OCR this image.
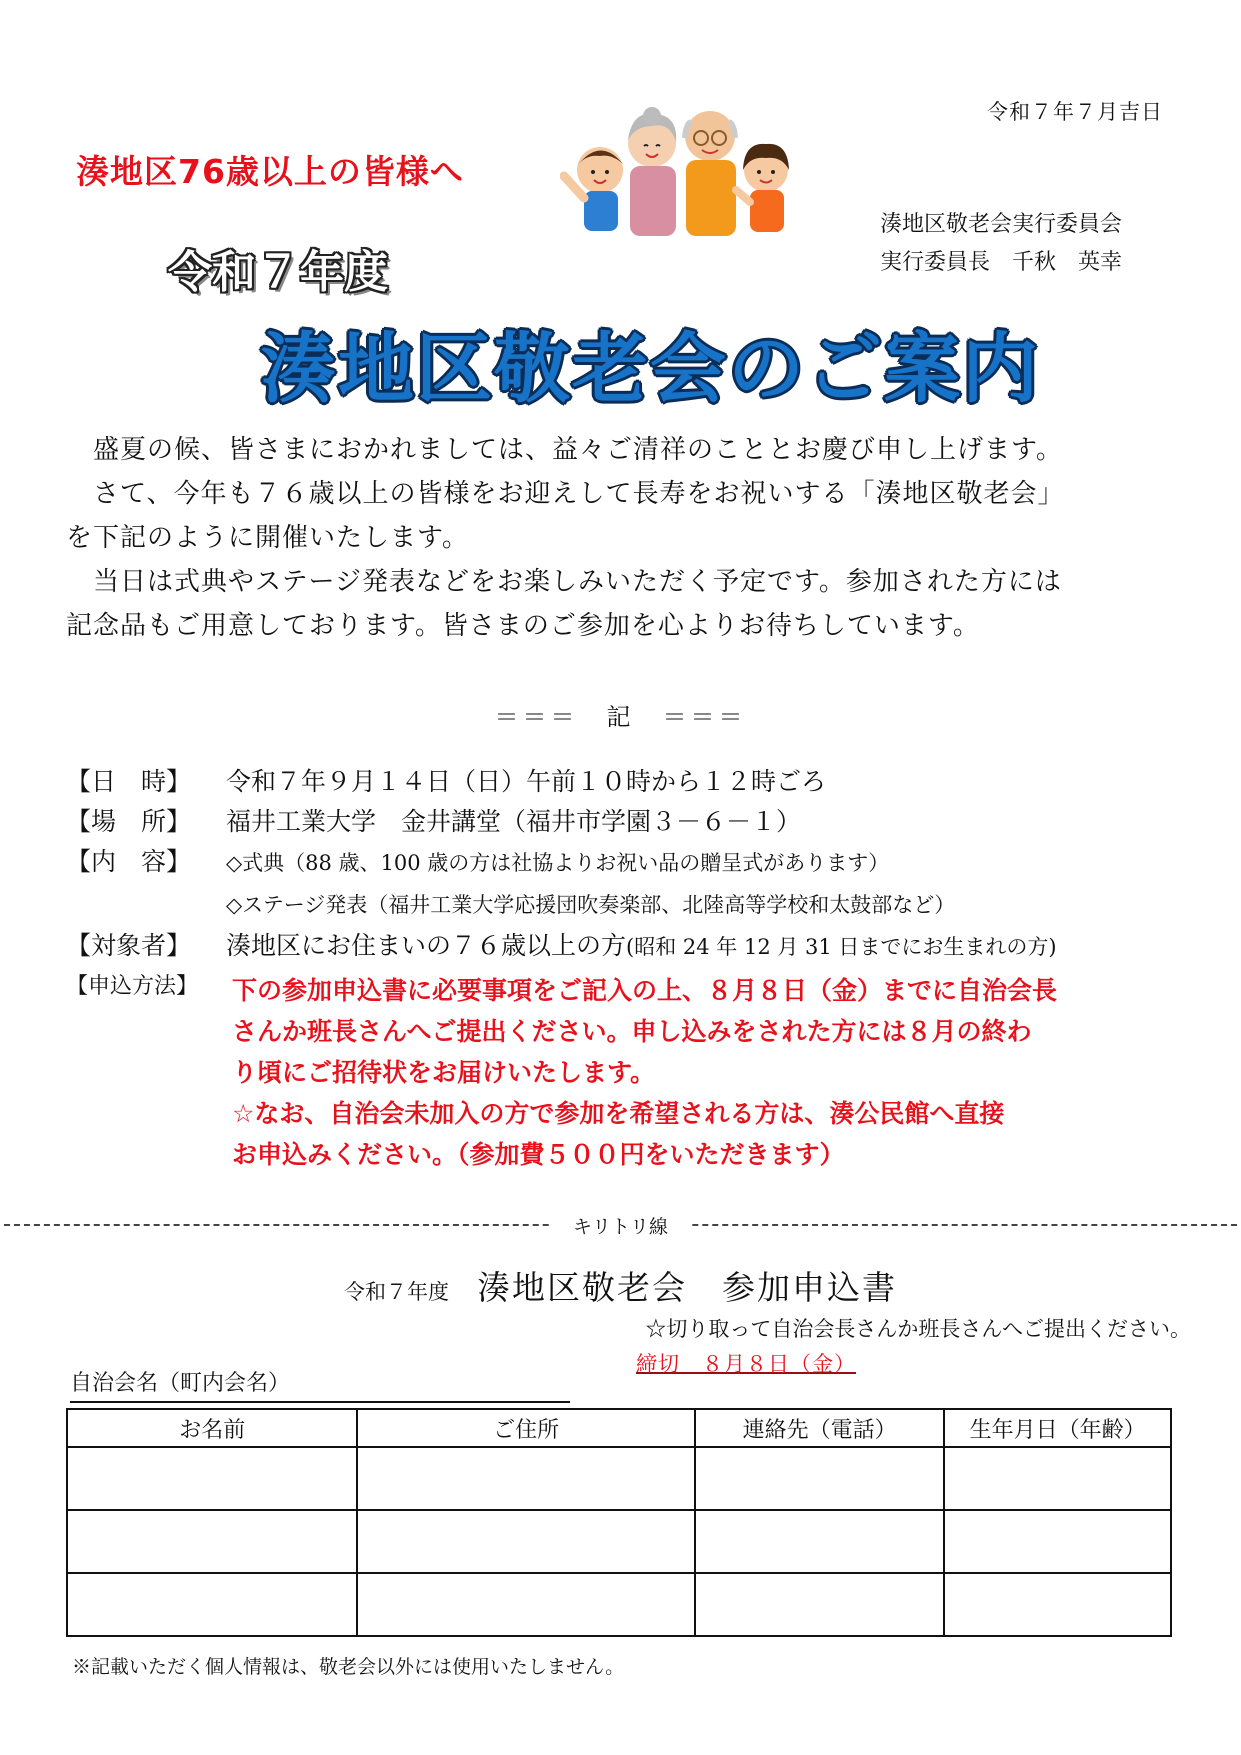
令和７年７月吉日
湊地区76歳以上の皆様へ
湊地区敬老会実行委員会
実行委員長　千秋　英幸
令和７年度
湊地区敬老会のご案内
　盛夏の候、皆さまにおかれましては、益々ご清祥のこととお慶び申し上げます。
　さて、今年も７６歳以上の皆様をお迎えして長寿をお祝いする「湊地区敬老会」
を下記のように開催いたします。
　当日は式典やステージ発表などをお楽しみいただく予定です。参加された方には
記念品もご用意しております。皆さまのご参加を心よりお待ちしています。
＝＝＝　記　＝＝＝
【日　時】 令和７年９月１４日（日）午前１０時から１２時ごろ
【場　所】 福井工業大学　金井講堂（福井市学園３－６－１）
【内　容】 ◇式典（88 歳、100 歳の方は社協よりお祝い品の贈呈式があります）
◇ステージ発表（福井工業大学応援団吹奏楽部、北陸高等学校和太鼓部など）
【対象者】 湊地区にお住まいの７６歳以上の方(昭和 24 年 12 月 31 日までにお生まれの方)
【申込方法】	下の参加申込書に必要事項をご記入の上、８月８日（金）までに自治会長
さんか班長さんへご提出ください。申し込みをされた方には８月の終わ
り頃にご招待状をお届けいたします。
☆なお、自治会未加入の方で参加を希望される方は、湊公民館へ直接
お申込みください。（参加費５００円をいただきます）
キリトリ線
令和７年度 湊地区敬老会　参加申込書
☆切り取って自治会長さんか班長さんへご提出ください。
締切　８月８日（金）
自治会名（町内会名）
お名前	ご住所	連絡先（電話）	生年月日（年齢）

※記載いただく個人情報は、敬老会以外には使用いたしません。
